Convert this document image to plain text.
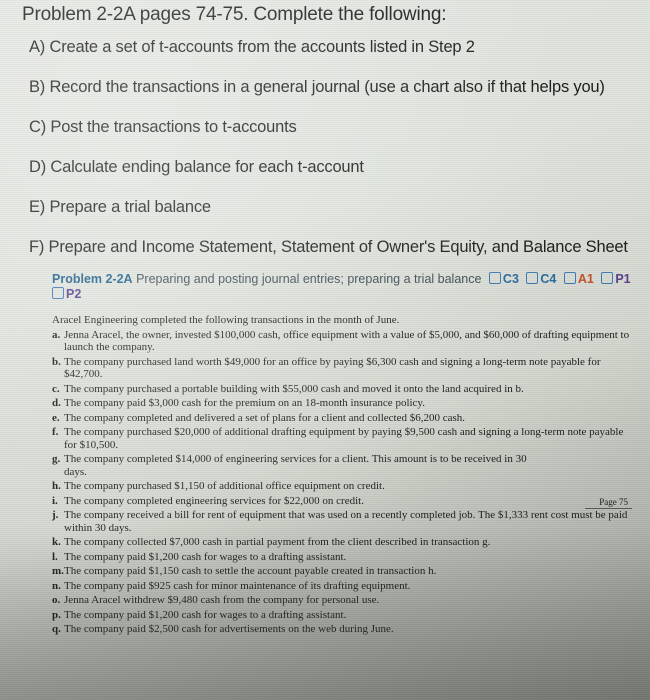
Problem 2-2A pages 74-75. Complete the following:
A) Create a set of t-accounts from the accounts listed in Step 2
B) Record the transactions in a general journal (use a chart also if that helps you)
C) Post the transactions to t-accounts
D) Calculate ending balance for each t-account
E) Prepare a trial balance
F) Prepare and Income Statement, Statement of Owner's Equity, and Balance Sheet
Problem 2-2A Preparing and posting journal entries; preparing a trial balance C3 C4 A1 P1
P2
Aracel Engineering completed the following transactions in the month of June.
a. Jenna Aracel, the owner, invested $100,000 cash, office equipment with a value of $5,000, and $60,000 of drafting equipment to launch the company.
b. The company purchased land worth $49,000 for an office by paying $6,300 cash and signing a long-term note payable for $42,700.
c. The company purchased a portable building with $55,000 cash and moved it onto the land acquired in b.
d. The company paid $3,000 cash for the premium on an 18-month insurance policy.
e. The company completed and delivered a set of plans for a client and collected $6,200 cash.
f. The company purchased $20,000 of additional drafting equipment by paying $9,500 cash and signing a long-term note payable for $10,500.
g. The company completed $14,000 of engineering services for a client. This amount is to be received in 30 days.
h. The company purchased $1,150 of additional office equipment on credit.
i. The company completed engineering services for $22,000 on credit.
j. The company received a bill for rent of equipment that was used on a recently completed job. The $1,333 rent cost must be paid within 30 days.
k. The company collected $7,000 cash in partial payment from the client described in transaction g.
l. The company paid $1,200 cash for wages to a drafting assistant.
m. The company paid $1,150 cash to settle the account payable created in transaction h.
n. The company paid $925 cash for minor maintenance of its drafting equipment.
o. Jenna Aracel withdrew $9,480 cash from the company for personal use.
p. The company paid $1,200 cash for wages to a drafting assistant.
q. The company paid $2,500 cash for advertisements on the web during June.
Page 75
